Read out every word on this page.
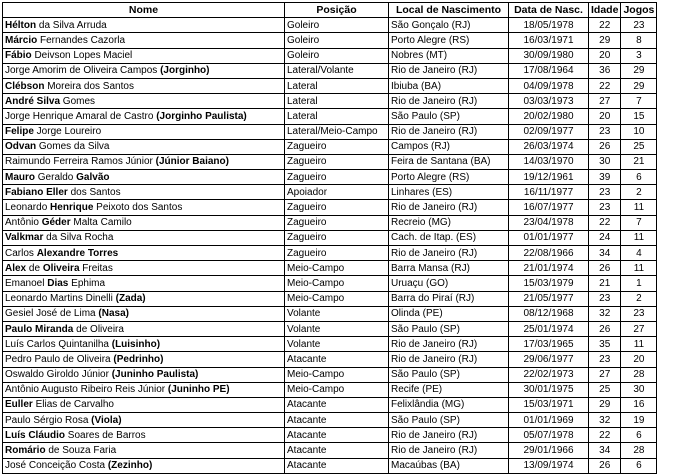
Nome	Posição	Local de Nascimento	Data de Nasc.	Idade	Jogos
Hélton da Silva Arruda	Goleiro	São Gonçalo (RJ)	18/05/1978	22	23
Márcio Fernandes Cazorla	Goleiro	Porto Alegre (RS)	16/03/1971	29	8
Fábio Deivson Lopes Maciel	Goleiro	Nobres (MT)	30/09/1980	20	3
Jorge Amorim de Oliveira Campos (Jorginho)	Lateral/Volante	Rio de Janeiro (RJ)	17/08/1964	36	29
Clébson Moreira dos Santos	Lateral	Ibiuba (BA)	04/09/1978	22	29
André Silva Gomes	Lateral	Rio de Janeiro (RJ)	03/03/1973	27	7
Jorge Henrique Amaral de Castro (Jorginho Paulista)	Lateral	São Paulo (SP)	20/02/1980	20	15
Felipe Jorge Loureiro	Lateral/Meio-Campo	Rio de Janeiro (RJ)	02/09/1977	23	10
Odvan Gomes da Silva	Zagueiro	Campos (RJ)	26/03/1974	26	25
Raimundo Ferreira Ramos Júnior (Júnior Baiano)	Zagueiro	Feira de Santana (BA)	14/03/1970	30	21
Mauro Geraldo Galvão	Zagueiro	Porto Alegre (RS)	19/12/1961	39	6
Fabiano Eller dos Santos	Apoiador	Linhares (ES)	16/11/1977	23	2
Leonardo Henrique Peixoto dos Santos	Zagueiro	Rio de Janeiro (RJ)	16/07/1977	23	11
Antônio Géder Malta Camilo	Zagueiro	Recreio (MG)	23/04/1978	22	7
Valkmar da Silva Rocha	Zagueiro	Cach. de Itap. (ES)	01/01/1977	24	11
Carlos Alexandre Torres	Zagueiro	Rio de Janeiro (RJ)	22/08/1966	34	4
Alex de Oliveira Freitas	Meio-Campo	Barra Mansa (RJ)	21/01/1974	26	11
Emanoel Dias Ephima	Meio-Campo	Uruaçu (GO)	15/03/1979	21	1
Leonardo Martins Dinelli (Zada)	Meio-Campo	Barra do Piraí (RJ)	21/05/1977	23	2
Gesiel José de Lima (Nasa)	Volante	Olinda (PE)	08/12/1968	32	23
Paulo Miranda de Oliveira	Volante	São Paulo (SP)	25/01/1974	26	27
Luís Carlos Quintanilha (Luisinho)	Volante	Rio de Janeiro (RJ)	17/03/1965	35	11
Pedro Paulo de Oliveira (Pedrinho)	Atacante	Rio de Janeiro (RJ)	29/06/1977	23	20
Oswaldo Giroldo Júnior (Juninho Paulista)	Meio-Campo	São Paulo (SP)	22/02/1973	27	28
Antônio Augusto Ribeiro Reis Júnior (Juninho PE)	Meio-Campo	Recife (PE)	30/01/1975	25	30
Euller Elias de Carvalho	Atacante	Felixlândia (MG)	15/03/1971	29	16
Paulo Sérgio Rosa (Viola)	Atacante	São Paulo (SP)	01/01/1969	32	19
Luís Cláudio Soares de Barros	Atacante	Rio de Janeiro (RJ)	05/07/1978	22	6
Romário de Souza Faria	Atacante	Rio de Janeiro (RJ)	29/01/1966	34	28
José Conceição Costa (Zezinho)	Atacante	Macaúbas (BA)	13/09/1974	26	6
